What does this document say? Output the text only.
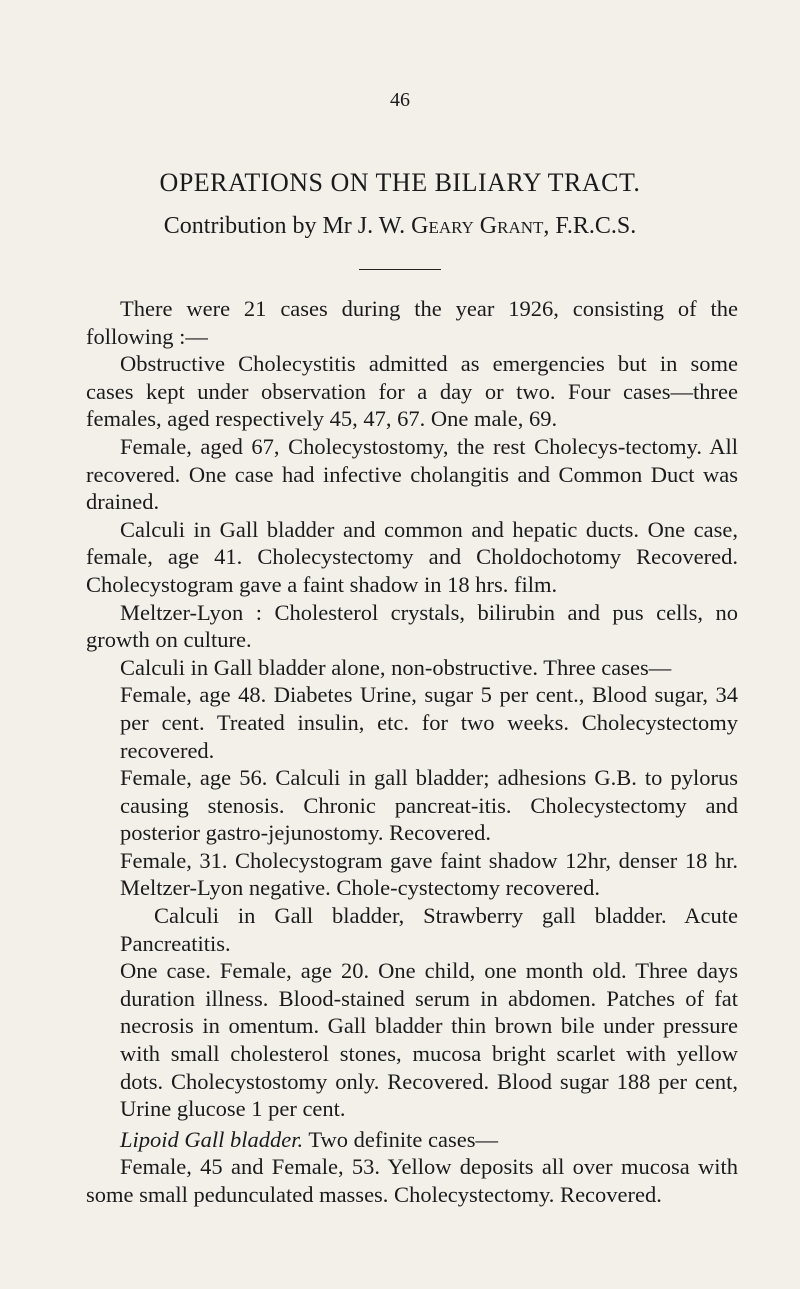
46
OPERATIONS ON THE BILIARY TRACT.
Contribution by Mr J. W. Geary Grant, F.R.C.S.

There were 21 cases during the year 1926, consisting of the following :—

Obstructive Cholecystitis admitted as emergencies but in some cases kept under observation for a day or two. Four cases—three females, aged respectively 45, 47, 67. One male, 69.

Female, aged 67, Cholecystostomy, the rest Cholecys-tectomy. All recovered. One case had infective cholangitis and Common Duct was drained.

Calculi in Gall bladder and common and hepatic ducts. One case, female, age 41. Cholecystectomy and Choldochotomy Recovered. Cholecystogram gave a faint shadow in 18 hrs. film.

Meltzer-Lyon : Cholesterol crystals, bilirubin and pus cells, no growth on culture.

Calculi in Gall bladder alone, non-obstructive. Three cases—

Female, age 48. Diabetes Urine, sugar 5 per cent., Blood sugar, 34 per cent. Treated insulin, etc. for two weeks. Cholecystectomy recovered.

Female, age 56. Calculi in gall bladder; adhesions G.B. to pylorus causing stenosis. Chronic pancreat-itis. Cholecystectomy and posterior gastro-jejunostomy. Recovered.

Female, 31. Cholecystogram gave faint shadow 12hr, denser 18 hr. Meltzer-Lyon negative. Chole-cystectomy recovered.

Calculi in Gall bladder, Strawberry gall bladder. Acute Pancreatitis.

One case. Female, age 20. One child, one month old. Three days duration illness. Blood-stained serum in abdomen. Patches of fat necrosis in omentum. Gall bladder thin brown bile under pressure with small cholesterol stones, mucosa bright scarlet with yellow dots. Cholecystostomy only. Recovered. Blood sugar 188 per cent, Urine glucose 1 per cent.

Lipoid Gall bladder. Two definite cases—

Female, 45 and Female, 53. Yellow deposits all over mucosa with some small pedunculated masses. Cholecystectomy. Recovered.
